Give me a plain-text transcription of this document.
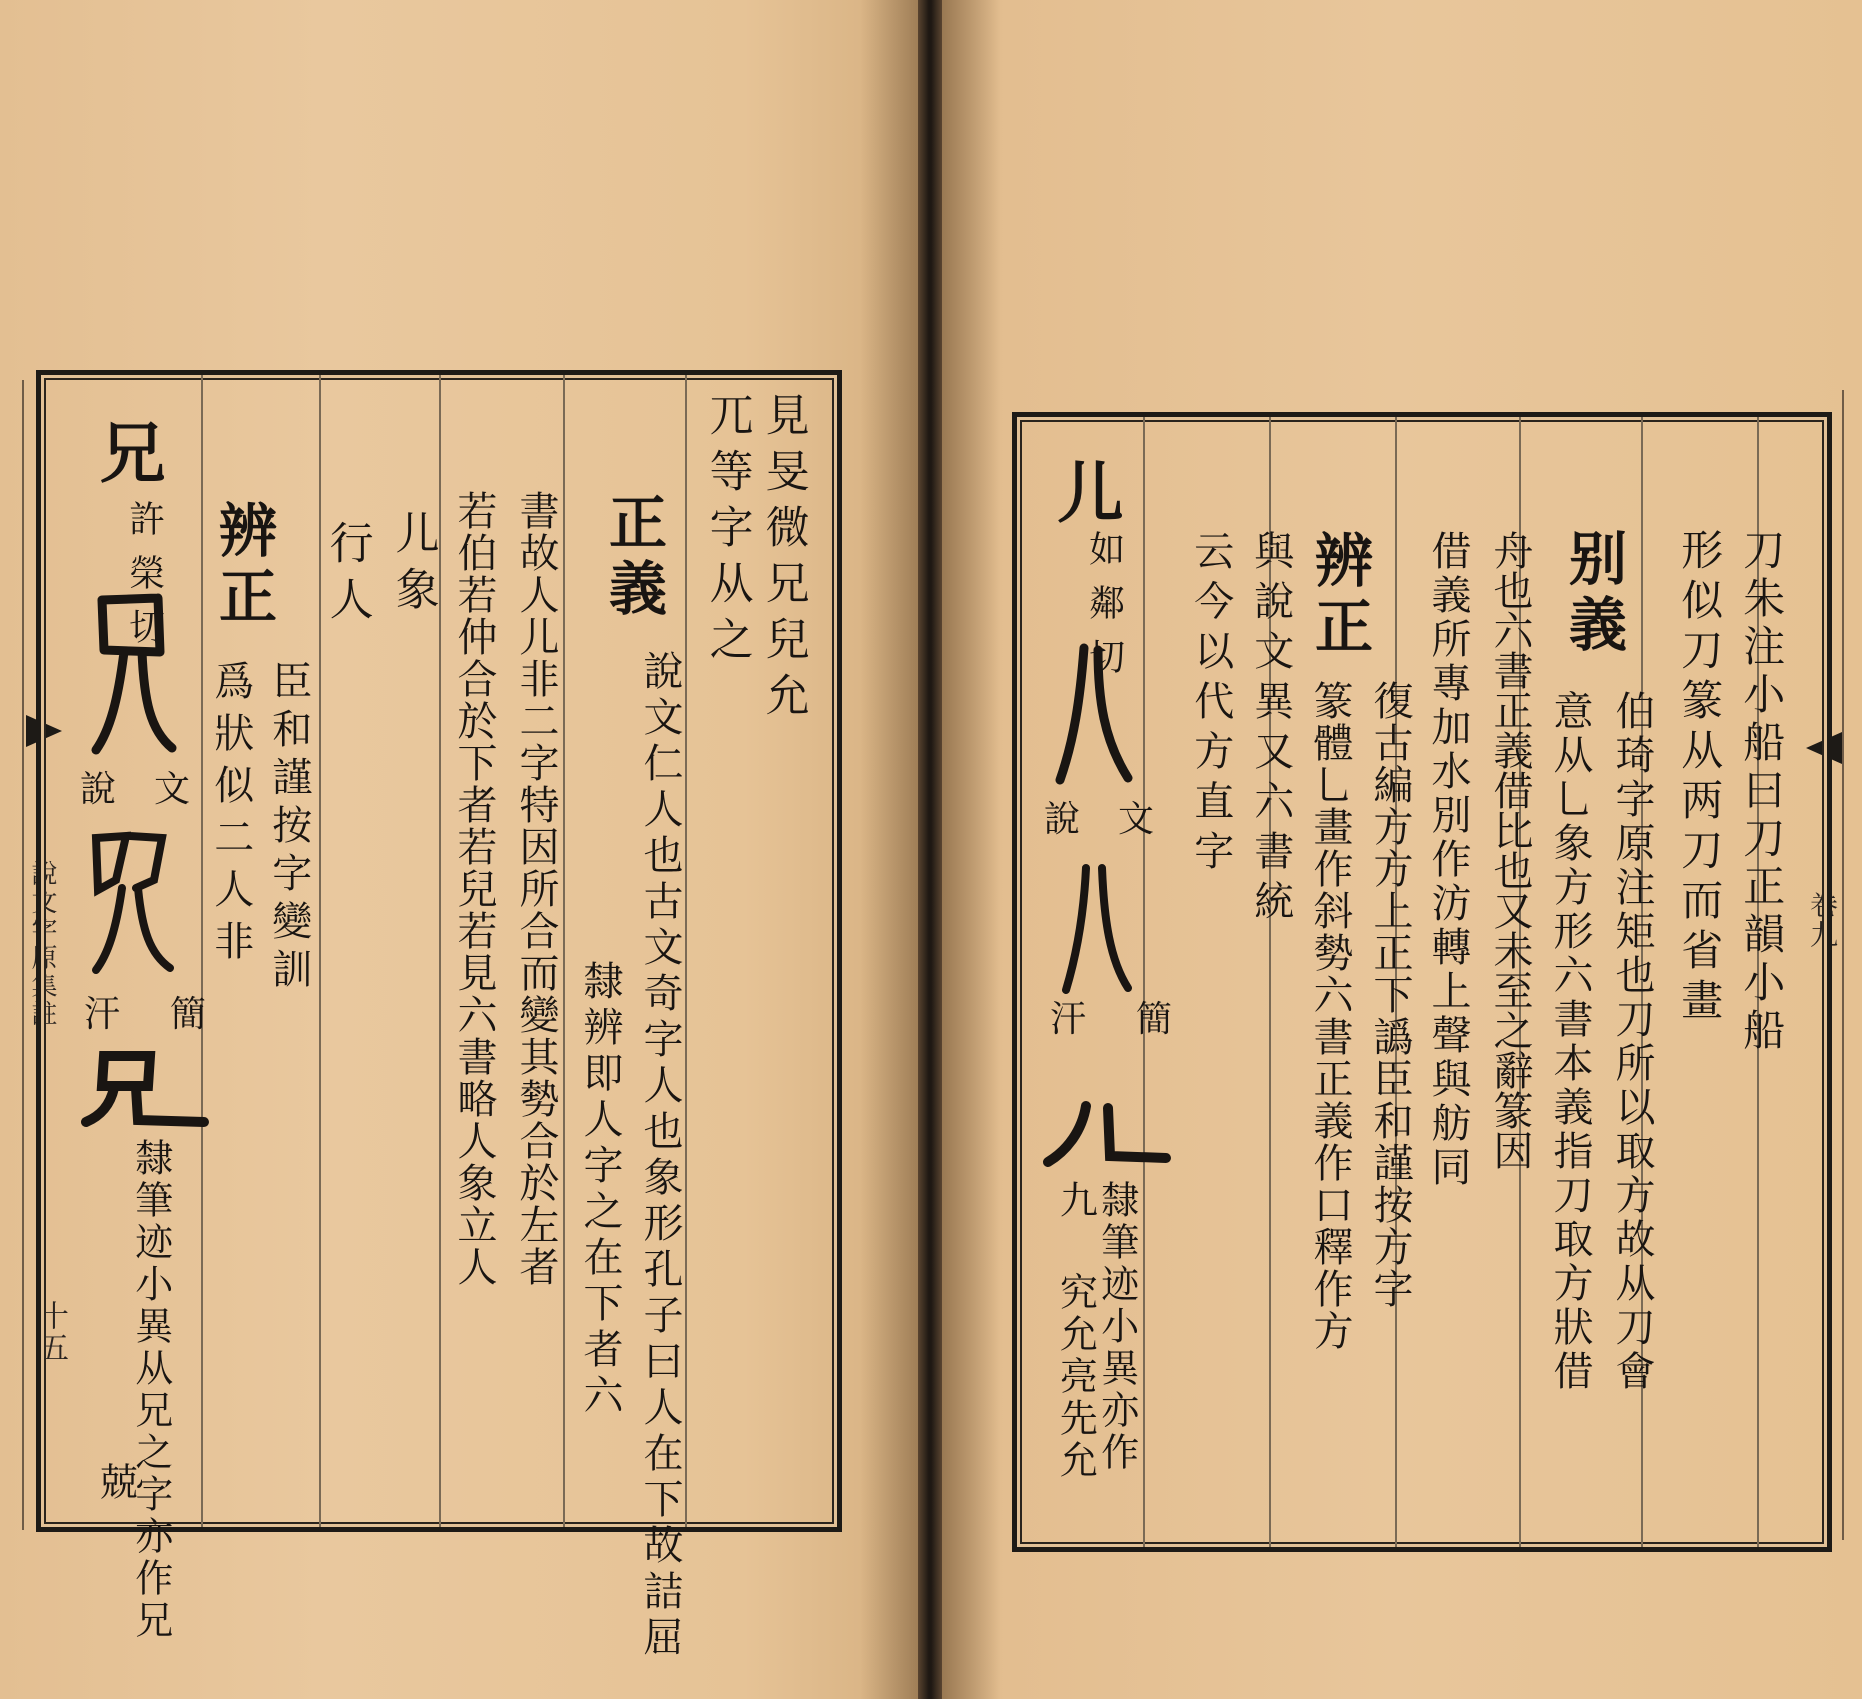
說文字原集註
十五
見旻微兄兒允
兀等字从之
正義
說文仁人也古文奇字人也象形孔子曰人在下故詰屈
隸辨即人字之在下者六
書故人儿非二字特因所合而變其勢合於左者
若伯若仲合於下者若兒若見六書略人象立人
儿象
行人
辨正
臣和謹按字變訓
爲狀似二人非
兄
許榮切
說文
汗簡
隸筆迹小異从兄之字亦作兄
兢
卷九
刀朱注小船曰刀正韻小船
形似刀篆从两刀而省畫
别義
伯琦字原注矩也刀所以取方故从刀會
意从乚象方形六書本義指刀取方狀借
舟也六書正義借比也又未至之辭篆因
借義所專加水別作汸轉上聲與舫同
辨正
復古編方方上正下譌臣和謹按方字
篆體乚畫作斜勢六書正義作口釋作方
與說文異又六書統
云今以代方直字
儿
如鄰切
說文
汗簡
隸筆迹小異亦作
九
究允亮先允
